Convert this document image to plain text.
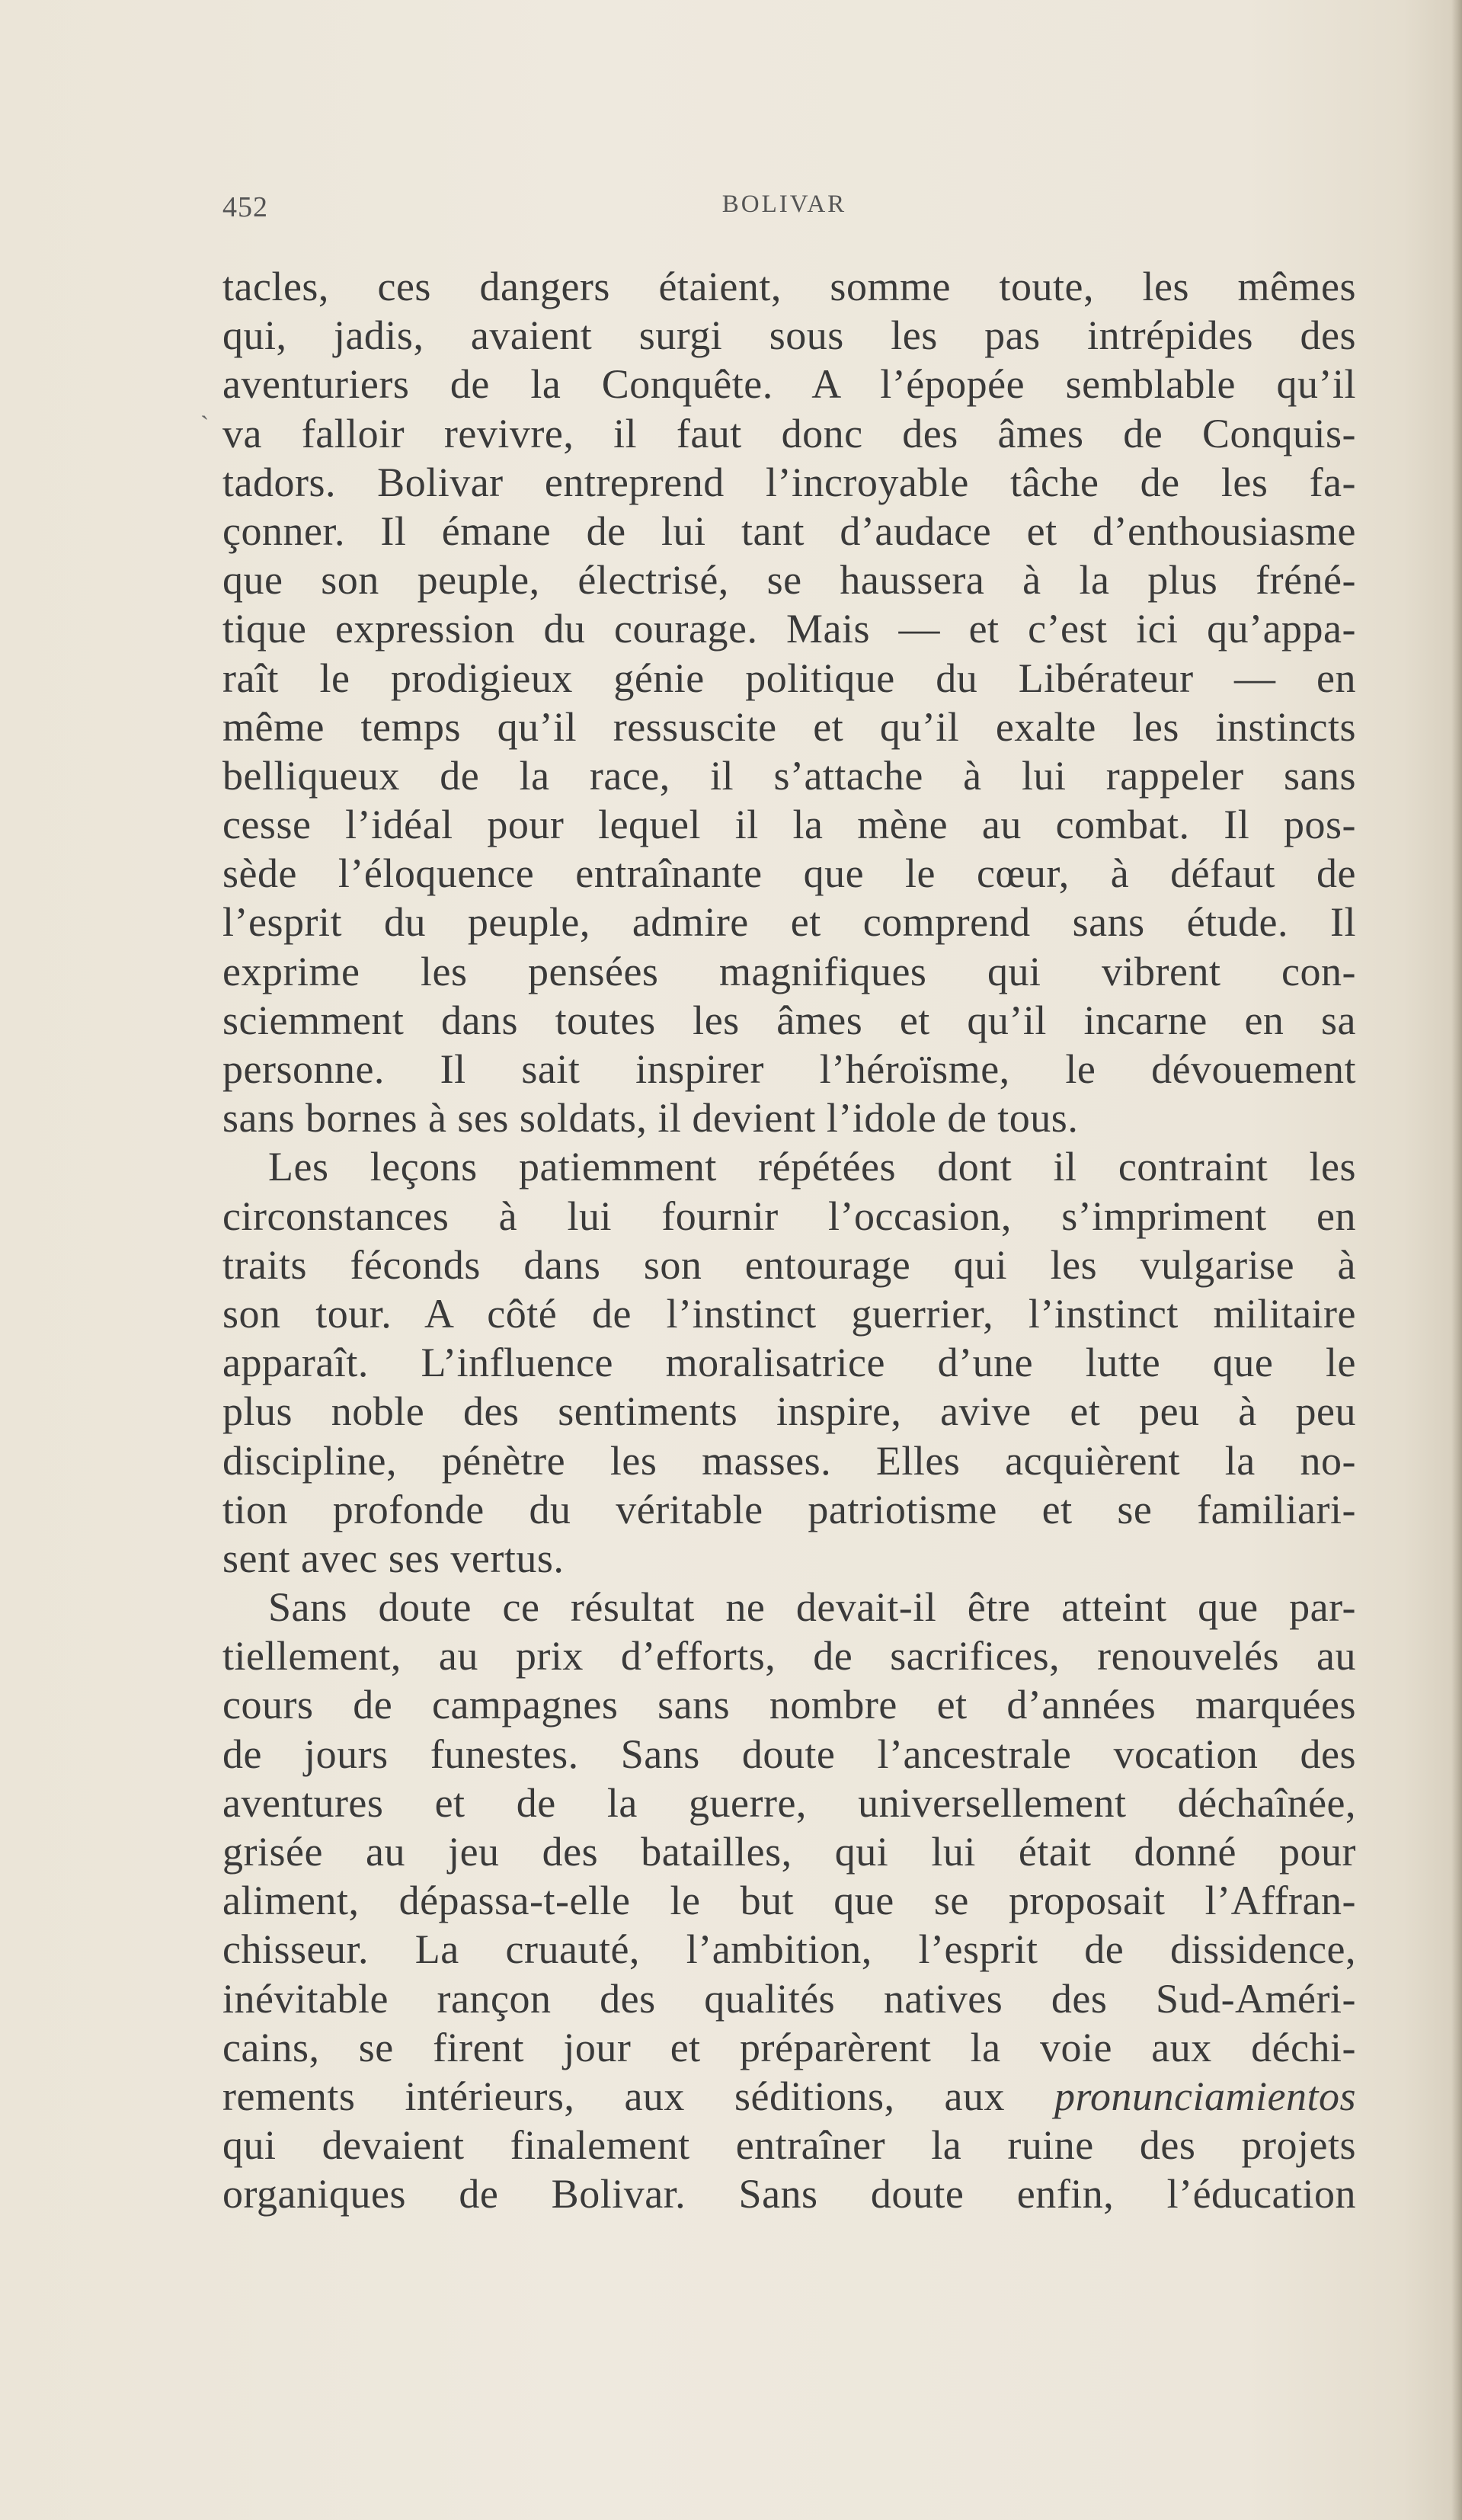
452	BOLIVAR
`
tacles, ces dangers étaient, somme toute, les mêmes
qui, jadis, avaient surgi sous les pas intrépides des
aventuriers de la Conquête. A l’épopée semblable qu’il
va falloir revivre, il faut donc des âmes de Conquis-
tadors. Bolivar entreprend l’incroyable tâche de les fa-
çonner. Il émane de lui tant d’audace et d’enthousiasme
que son peuple, électrisé, se haussera à la plus fréné-
tique expression du courage. Mais — et c’est ici qu’appa-
raît le prodigieux génie politique du Libérateur — en
même temps qu’il ressuscite et qu’il exalte les instincts
belliqueux de la race, il s’attache à lui rappeler sans
cesse l’idéal pour lequel il la mène au combat. Il pos-
sède l’éloquence entraînante que le cœur, à défaut de
l’esprit du peuple, admire et comprend sans étude. Il
exprime les pensées magnifiques qui vibrent con-
sciemment dans toutes les âmes et qu’il incarne en sa
personne. Il sait inspirer l’héroïsme, le dévouement
sans bornes à ses soldats, il devient l’idole de tous.
Les leçons patiemment répétées dont il contraint les
circonstances à lui fournir l’occasion, s’impriment en
traits féconds dans son entourage qui les vulgarise à
son tour. A côté de l’instinct guerrier, l’instinct militaire
apparaît. L’influence moralisatrice d’une lutte que le
plus noble des sentiments inspire, avive et peu à peu
discipline, pénètre les masses. Elles acquièrent la no-
tion profonde du véritable patriotisme et se familiari-
sent avec ses vertus.
Sans doute ce résultat ne devait-il être atteint que par-
tiellement, au prix d’efforts, de sacrifices, renouvelés au
cours de campagnes sans nombre et d’années marquées
de jours funestes. Sans doute l’ancestrale vocation des
aventures et de la guerre, universellement déchaînée,
grisée au jeu des batailles, qui lui était donné pour
aliment, dépassa-t-elle le but que se proposait l’Affran-
chisseur. La cruauté, l’ambition, l’esprit de dissidence,
inévitable rançon des qualités natives des Sud-Améri-
cains, se firent jour et préparèrent la voie aux déchi-
rements intérieurs, aux séditions, aux pronunciamientos
qui devaient finalement entraîner la ruine des projets
organiques de Bolivar. Sans doute enfin, l’éducation
